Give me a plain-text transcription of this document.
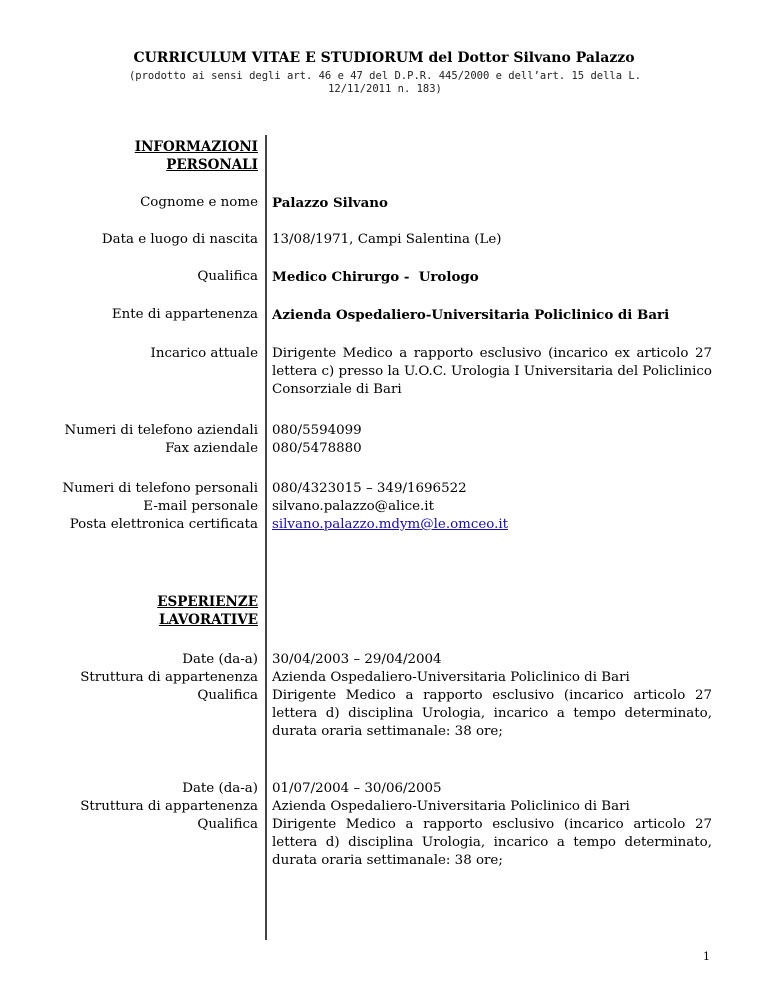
CURRICULUM VITAE E STUDIORUM del Dottor Silvano Palazzo
(prodotto ai sensi degli art. 46 e 47 del D.P.R. 445/2000 e dell’art. 15 della L.
12/11/2011 n. 183)
INFORMAZIONI
PERSONALI
Cognome e nome Palazzo Silvano
Data e luogo di nascita 13/08/1971, Campi Salentina (Le)
Qualifica Medico Chirurgo -  Urologo
Ente di appartenenza Azienda Ospedaliero-Universitaria Policlinico di Bari
Incarico attuale Dirigente Medico a rapporto esclusivo (incarico ex articolo 27 lettera c) presso la U.O.C. Urologia I Universitaria del Policlinico Consorziale di Bari
Numeri di telefono aziendali 080/5594099
Fax aziendale 080/5478880
Numeri di telefono personali 080/4323015 – 349/1696522
E-mail personale silvano.palazzo@alice.it
Posta elettronica certificata silvano.palazzo.mdym@le.omceo.it
ESPERIENZE
LAVORATIVE
Date (da-a) 30/04/2003 – 29/04/2004
Struttura di appartenenza Azienda Ospedaliero-Universitaria Policlinico di Bari
Qualifica Dirigente Medico a rapporto esclusivo (incarico articolo 27 lettera d) disciplina Urologia, incarico a tempo determinato, durata oraria settimanale: 38 ore;
Date (da-a) 01/07/2004 – 30/06/2005
Struttura di appartenenza Azienda Ospedaliero-Universitaria Policlinico di Bari
Qualifica Dirigente Medico a rapporto esclusivo (incarico articolo 27 lettera d) disciplina Urologia, incarico a tempo determinato, durata oraria settimanale: 38 ore;
1
